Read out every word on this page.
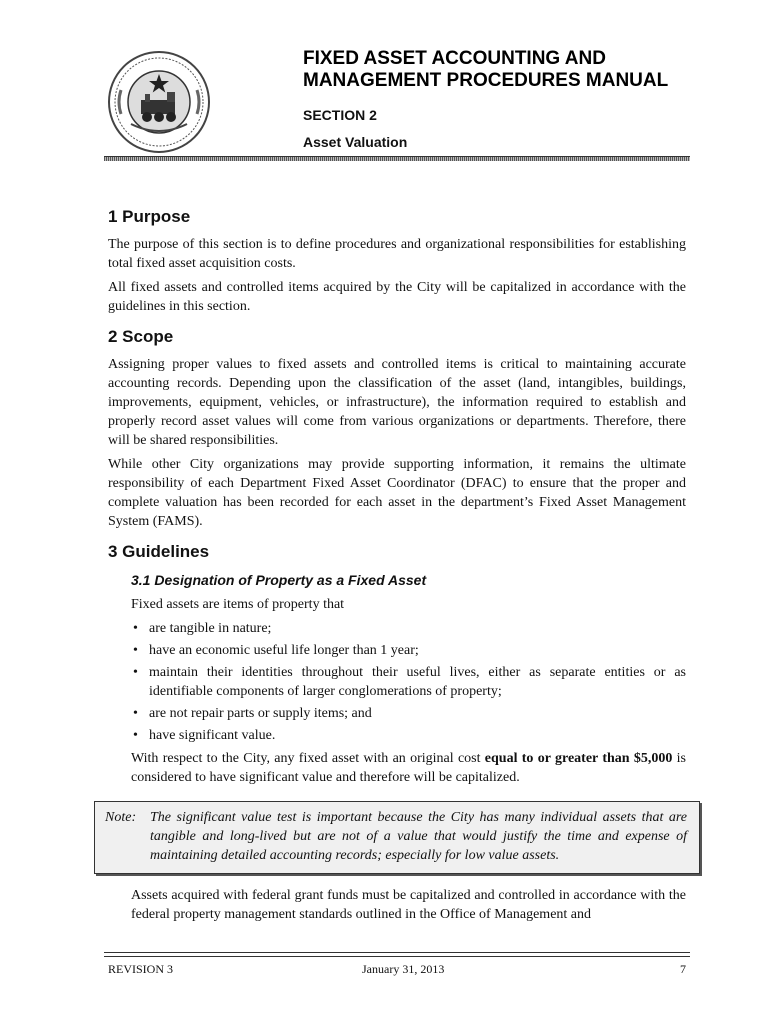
FIXED ASSET ACCOUNTING AND
MANAGEMENT PROCEDURES MANUAL
SECTION 2
Asset Valuation
1 Purpose

The purpose of this section is to define procedures and organizational responsibilities for establishing total fixed asset acquisition costs.

All fixed assets and controlled items acquired by the City will be capitalized in accordance with the guidelines in this section.

2 Scope

Assigning proper values to fixed assets and controlled items is critical to maintaining accurate accounting records. Depending upon the classification of the asset (land, intangibles, buildings, improvements, equipment, vehicles, or infrastructure), the information required to establish and properly record asset values will come from various organizations or departments. Therefore, there will be shared responsibilities.

While other City organizations may provide supporting information, it remains the ultimate responsibility of each Department Fixed Asset Coordinator (DFAC) to ensure that the proper and complete valuation has been recorded for each asset in the department’s Fixed Asset Management System (FAMS).

3 Guidelines
3.1 Designation of Property as a Fixed Asset

Fixed assets are items of property that

• are tangible in nature;
• have an economic useful life longer than 1 year;
• maintain their identities throughout their useful lives, either as separate entities or as identifiable components of larger conglomerations of property;
• are not repair parts or supply items; and
• have significant value.

With respect to the City, any fixed asset with an original cost equal to or greater than $5,000 is considered to have significant value and therefore will be capitalized.

Note: The significant value test is important because the City has many individual assets that are tangible and long-lived but are not of a value that would justify the time and expense of maintaining detailed accounting records; especially for low value assets.

Assets acquired with federal grant funds must be capitalized and controlled in accordance with the federal property management standards outlined in the Office of Management and

REVISION 3	January 31, 2013	7
